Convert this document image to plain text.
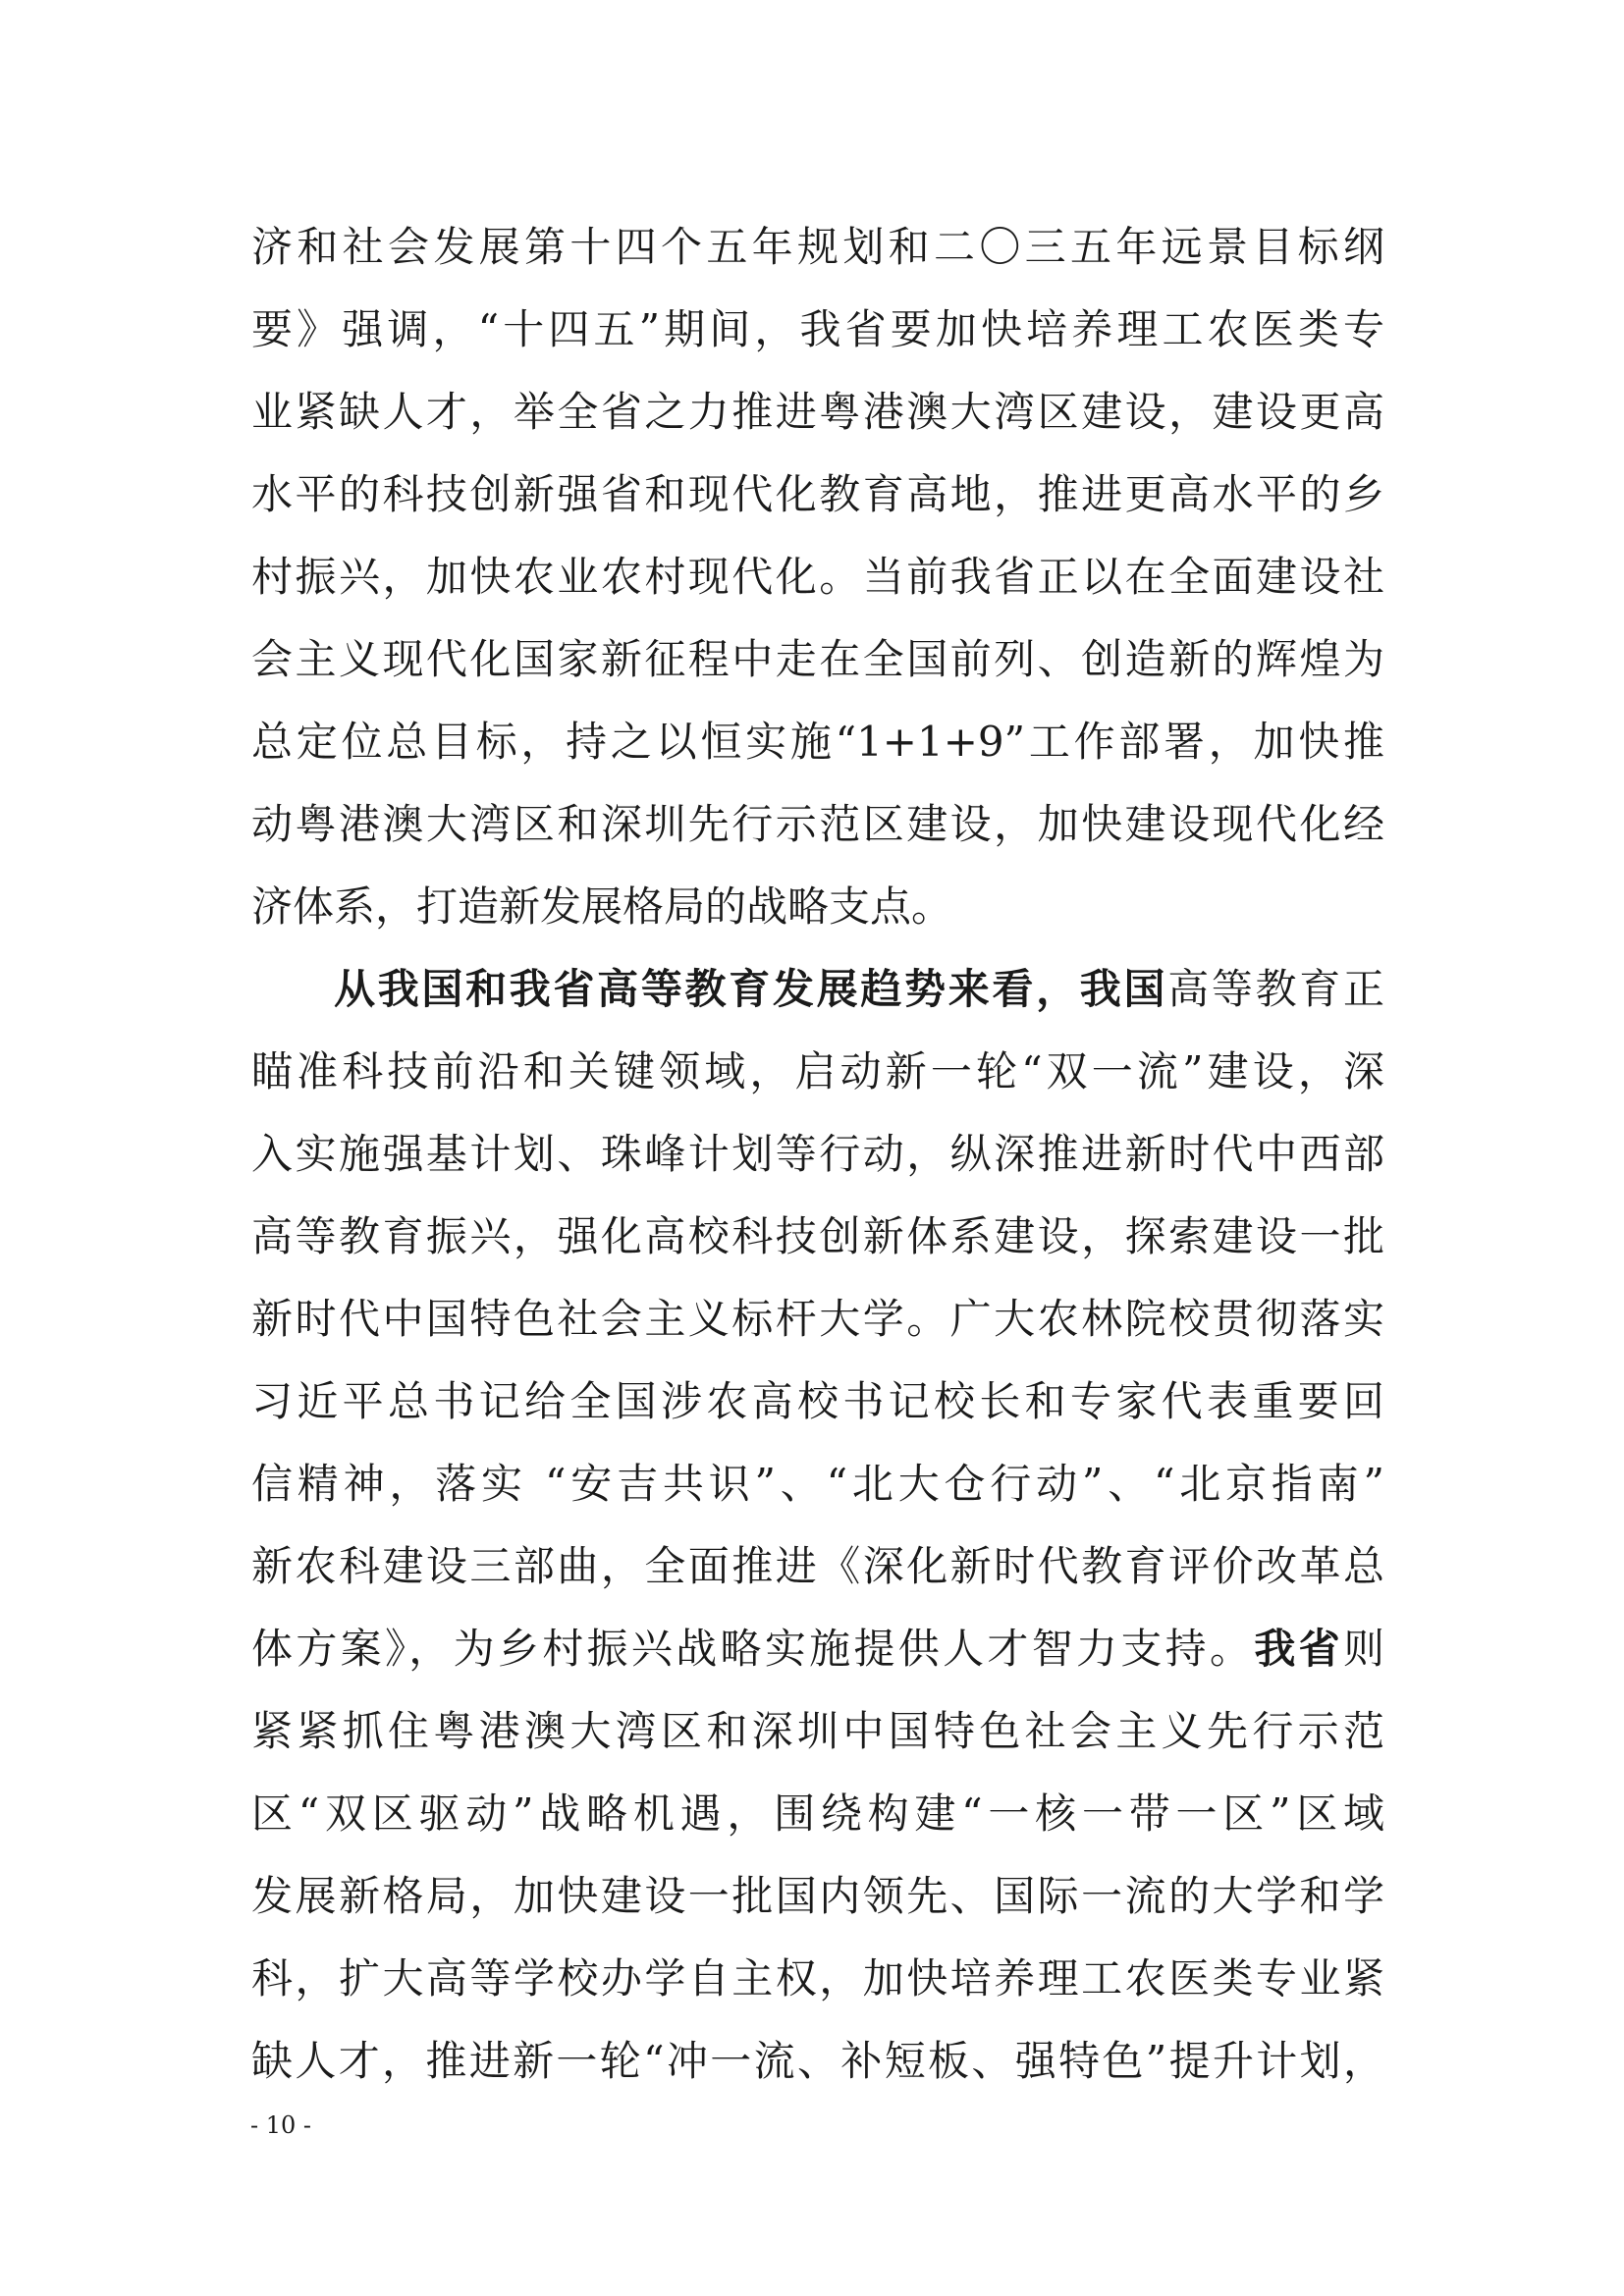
济和社会发展第十四个五年规划和二〇三五年远景目标纲
要》强调，“十四五”期间，我省要加快培养理工农医类专
业紧缺人才，举全省之力推进粤港澳大湾区建设，建设更高
水平的科技创新强省和现代化教育高地，推进更高水平的乡
村振兴，加快农业农村现代化。当前我省正以在全面建设社
会主义现代化国家新征程中走在全国前列、创造新的辉煌为
总定位总目标，持之以恒实施“1+1+9”工作部署，加快推
动粤港澳大湾区和深圳先行示范区建设，加快建设现代化经
济体系，打造新发展格局的战略支点。
从我国和我省高等教育发展趋势来看，我国高等教育正
瞄准科技前沿和关键领域，启动新一轮“双一流”建设，深
入实施强基计划、珠峰计划等行动，纵深推进新时代中西部
高等教育振兴，强化高校科技创新体系建设，探索建设一批
新时代中国特色社会主义标杆大学。广大农林院校贯彻落实
习近平总书记给全国涉农高校书记校长和专家代表重要回
信精神，落实 “安吉共识”、“北大仓行动”、“北京指南”
新农科建设三部曲，全面推进《深化新时代教育评价改革总
体方案》，为乡村振兴战略实施提供人才智力支持。我省则
紧紧抓住粤港澳大湾区和深圳中国特色社会主义先行示范
区“双区驱动”战略机遇，围绕构建“一核一带一区”区域
发展新格局，加快建设一批国内领先、国际一流的大学和学
科，扩大高等学校办学自主权，加快培养理工农医类专业紧
缺人才，推进新一轮“冲一流、补短板、强特色”提升计划，
- 10 -
